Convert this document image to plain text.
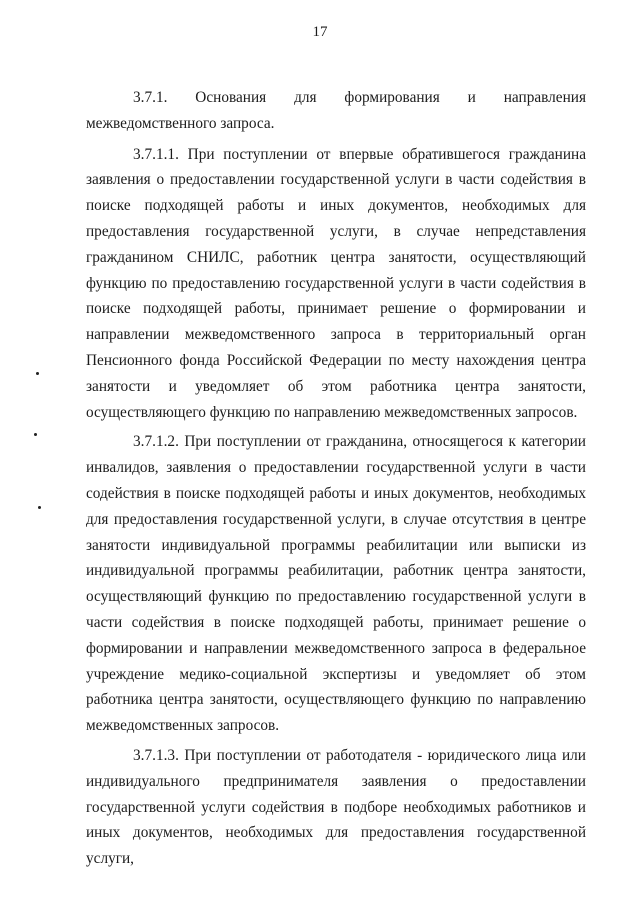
17

3.7.1. Основания для формирования и направления межведомственного запроса.

3.7.1.1. При поступлении от впервые обратившегося гражданина заявления о предоставлении государственной услуги в части содействия в поиске подходящей работы и иных документов, необходимых для предоставления государственной услуги, в случае непредставления гражданином СНИЛС, работник центра занятости, осуществляющий функцию по предоставлению государственной услуги в части содействия в поиске подходящей работы, принимает решение о формировании и направлении межведомственного запроса в территориальный орган Пенсионного фонда Российской Федерации по месту нахождения центра занятости и уведомляет об этом работника центра занятости, осуществляющего функцию по направлению межведомственных запросов.

3.7.1.2. При поступлении от гражданина, относящегося к категории инвалидов, заявления о предоставлении государственной услуги в части содействия в поиске подходящей работы и иных документов, необходимых для предоставления государственной услуги, в случае отсутствия в центре занятости индивидуальной программы реабилитации или выписки из индивидуальной программы реабилитации, работник центра занятости, осуществляющий функцию по предоставлению государственной услуги в части содействия в поиске подходящей работы, принимает решение о формировании и направлении межведомственного запроса в федеральное учреждение медико-социальной экспертизы и уведомляет об этом работника центра занятости, осуществляющего функцию по направлению межведомственных запросов.

3.7.1.3. При поступлении от работодателя - юридического лица или индивидуального предпринимателя заявления о предоставлении государственной услуги содействия в подборе необходимых работников и иных документов, необходимых для предоставления государственной услуги,
